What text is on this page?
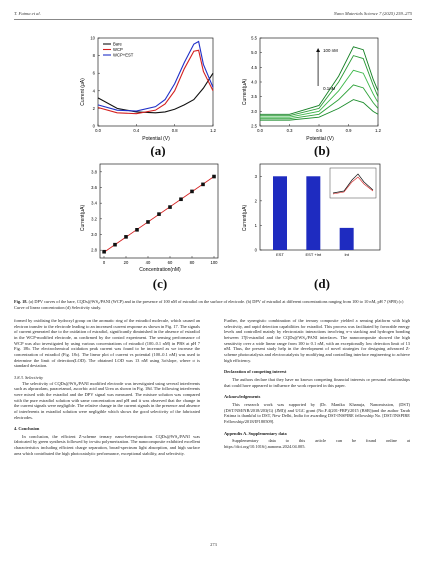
T. Fatma et al.	Nano Materials Science 7 (2025) 259–275
Current (μA)
Potential (V)
(a)
0
2
4
6
8
10
0.0	0.4	0.8	1.2
Bare
WCP
WCP+EST
Current(μA)
Potential (V)
(b)
2.5
3.0
3.5
4.0
4.5
5.0
5.5
0.0	0.3	0.6	0.9	1.2
100 nM
0.1nM
Current(μA)
Concentration(nM)
(c)
2.8
3.0
3.2
3.4
3.6
3.8
0	20	40	60	80	100
Current(μA)
(d)
0
1
2
3
EST	EST +Int	Int
Fig. 18. (a) DPV curves of the bare, CQDs@WS₂/PANI (WCP) and in the presence of 100 nM of estradiol on the surface of electrode. (b) DPV of estradiol at different concentrations ranging from 100 to 10 nM, pH 7 (SPB) (c) Curve of linear concentration (d) Selectivity study.

formed by oxidising the hydroxyl group on the aromatic ring of the estradiol molecule, which caused an electron transfer to the electrode leading to an increased current response as shown in Fig. 17. The signals of current generated due to the oxidation of estradiol, significantly diminished in the absence of estradiol in the WCP-modified electrode, as confirmed by the control experiment. The sensing performance of WCP was also investigated by using various concentrations of estradiol (100–0.1 nM) in PBS at pH 7 Fig. 18b. The electrochemical oxidation peak current was found to be increased as we increase the concentration of estradiol (Fig. 18c). The linear plot of current vs potential (100–0.1 nM) was used to determine the limit of detection(LOD). The obtained LOD was 13 nM using 3σ/slope, where σ is standard deviation.

3.8.3. Selectivity

The selectivity of CQDs@WS₂/PANI modified electrode was investigated using several interferents such as alprazolam, paracetamol, ascorbic acid and Urea as shown in Fig. 18d. The following interferents were mixed with the estradiol and the DPV signal was measured. The mixture solution was compared with the pure estradiol solution with same concentration and pH and it was observed that the change in the current signals were negligible. The relative change in the current signals in the presence and absence of interferents in estradiol solution were negligible which shows the good selectivity of the fabricated electrodes.

4. Conclusion

In conclusion, the efficient Z-scheme ternary nano-heterojunctions CQDs@WS₂/PANI was fabricated by green synthesis followed by in-situ polymerization. The nanocomposite exhibited excellent characteristics including efficient charge separation, broad-spectrum light absorption, and high surface area which contributed the high photocatalytic performance, exceptional stability, and selectivity.

Further, the synergistic combination of the ternary composite yielded a sensing platform with high selectivity, and rapid detection capabilities for estradiol. This process was facilitated by favorable energy levels and controlled mainly by electrostatic interactions involving π-π stacking and hydrogen bonding between 17β-estradiol and the CQDs@WS₂/PANI interfaces. The nanocomposite showed the high sensitivity over a wide linear range from 100 to 0.1 nM, with an exceptionally low detection limit of 13 nM. Thus, the present study help in the development of novel strategies for designing advanced Z-scheme photocatalysts and electrocatalysts by modifying and controlling interface engineering to achieve high efficiency.

Declaration of competing interest

The authors declare that they have no known competing financial interests or personal relationships that could have appeared to influence the work reported in this paper.

Acknowledgements

This research work was supported by (Dr. Manika Khanuja, Nanomission, (DST)(DST/NM/NB/2018/203(G) (JMI)) and UGC grant (No.F.4(201-FRP)/2015 (BSR))and the author Tarab Fatima is thankful to DST, New Delhi, India for awarding DST-INSPIRE fellowship No. [DST/INSPIRE Fellowship/2018/IF180509].

Appendix A. Supplementary data

Supplementary data to this article can be found online at https://doi.org/10.1016/j.nanoms.2024.04.005.

273
